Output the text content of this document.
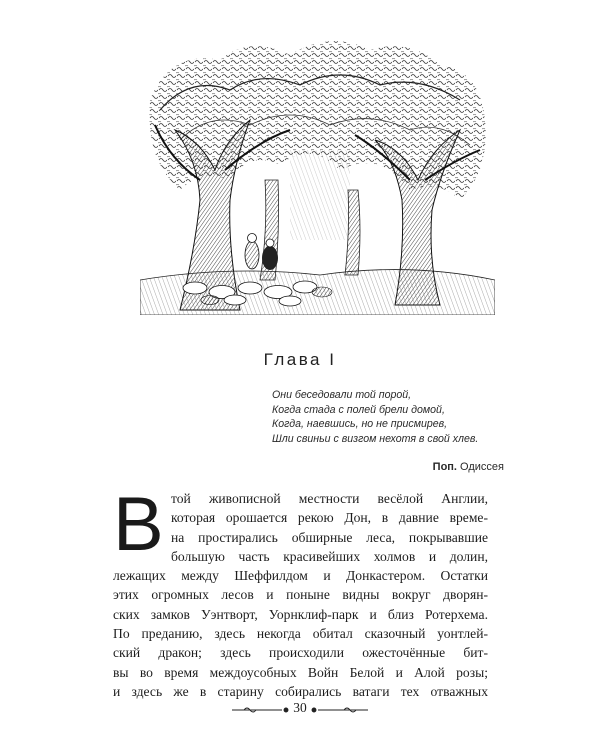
Глава I
Они беседовали той порой,
Когда стада с полей брели домой,
Когда, наевшись, но не присмирев,
Шли свиньи с визгом нехотя в свой хлев.
Поп. Одиссея
В той живописной местности весёлой Англии,
которая орошается рекою Дон, в давние време-
на простирались обширные леса, покрывавшие
большую часть красивейших холмов и долин,
лежащих между Шеффилдом и Донкастером. Остатки
этих огромных лесов и поныне видны вокруг дворян-
ских замков Уэнтворт, Уорнклиф-парк и близ Ротерхема.
По преданию, здесь некогда обитал сказочный уонтлей-
ский дракон; здесь происходили ожесточённые бит-
вы во время междоусобных Войн Белой и Алой розы;
и здесь же в старину собирались ватаги тех отважных
30
